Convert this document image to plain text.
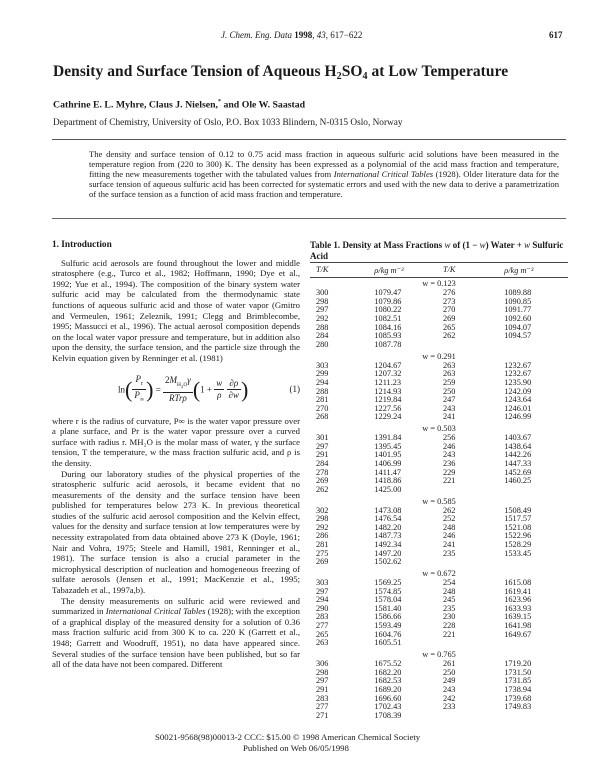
J. Chem. Eng. Data 1998, 43, 617−622	617
Density and Surface Tension of Aqueous $H_2SO_4$ at Low Temperature
Cathrine E. L. Myhre, Claus J. Nielsen,* and Ole W. Saastad
Department of Chemistry, University of Oslo, P.O. Box 1033 Blindern, N-0315 Oslo, Norway
The density and surface tension of 0.12 to 0.75 acid mass fraction in aqueous sulfuric acid solutions have been measured in the temperature region from (220 to 300) K. The density has been expressed as a polynomial of the acid mass fraction and temperature, fitting the new measurements together with the tabulated values from International Critical Tables (1928). Older literature data for the surface tension of aqueous sulfuric acid has been corrected for systematic errors and used with the new data to derive a parametrization of the surface tension as a function of acid mass fraction and temperature.
1. Introduction

Sulfuric acid aerosols are found throughout the lower and middle stratosphere (e.g., Turco et al., 1982; Hoffmann, 1990; Dye et al., 1992; Yue et al., 1994). The composition of the binary system water sulfuric acid may be calculated from the thermodynamic state functions of aqueous sulfuric acid and those of water vapor (Gmitro and Vermeulen, 1961; Zeleznik, 1991; Clegg and Brimblecombe, 1995; Massucci et al., 1996). The actual aerosol composition depends on the local water vapor pressure and temperature, but in addition also upon the density, the surface tension, and the particle size through the Kelvin equation given by Renninger et al. (1981)

$\ln( \frac{P_r}{P_\infty}$ ) = $\frac{2M_{H_2O}\gamma}{\text{RTrρ}} (1 + \frac{w}{\rho}$
$\frac{\partial\rho}{\partial w}$ )	(1)

where r is the radius of curvature, P∞ is the water vapor pressure over a plane surface, and Pr is the water vapor pressure over a curved surface with radius r. MH₂O is the molar mass of water, γ the surface tension, T the temperature, w the mass fraction sulfuric acid, and ρ is the density.

During our laboratory studies of the physical properties of the stratospheric sulfuric acid aerosols, it became evident that no measurements of the density and the surface tension have been published for temperatures below 273 K. In previous theoretical studies of the sulfuric acid aerosol composition and the Kelvin effect, values for the density and surface tension at low temperatures were by necessity extrapolated from data obtained above 273 K (Doyle, 1961; Nair and Vohra, 1975; Steele and Hamill, 1981, Renninger et al., 1981). The surface tension is also a crucial parameter in the microphysical description of nucleation and homogeneous freezing of sulfate aerosols (Jensen et al., 1991; MacKenzie et al., 1995; Tabazadeh et al., 1997a,b).

The density measurements on sulfuric acid were reviewed and summarized in International Critical Tables (1928); with the exception of a graphical display of the measured density for a solution of 0.36 mass fraction sulfuric acid from 300 K to ca. 220 K (Garrett et al., 1948; Garrett and Woodruff, 1951), no data have appeared since. Several studies of the surface tension have been published, but so far all of the data have not been compared. Different

Table 1. Density at Mass Fractions w of (1 − w) Water + w Sulfuric Acid
T/K	ρ/kg m⁻³	T/K	ρ/kg m⁻³

w = 0.123			
300	1079.47	276	1089.88
298	1079.86	273	1090.85
297	1080.22	270	1091.77
292	1082.51	269	1092.60
288	1084.16	265	1094.07
284	1085.93	262	1094.57
280	1087.78		
w = 0.291			
303	1204.67	263	1232.67
299	1207.32	263	1232.67
294	1211.23	259	1235.90
288	1214.93	250	1242.09
281	1219.84	247	1243.64
270	1227.56	243	1246.01
268	1229.24	241	1246.99
w = 0.503			
301	1391.84	256	1403.67
297	1395.45	246	1438.64
291	1401.95	243	1442.26
284	1406.99	236	1447.33
278	1411.47	229	1452.69
269	1418.86	221	1460.25
262	1425.00		
w = 0.585			
302	1473.08	262	1508.49
298	1476.54	252	1517.57
292	1482.20	248	1521.08
286	1487.73	246	1522.96
281	1492.34	241	1528.29
275	1497.20	235	1533.45
269	1502.62		
w = 0.672			
303	1569.25	254	1615.08
297	1574.85	248	1619.41
294	1578.04	245	1623.96
290	1581.40	235	1633.93
283	1586.66	230	1639.15
277	1593.49	228	1641.98
265	1604.76	221	1649.67
263	1605.51		
w = 0.765			
306	1675.52	261	1719.20
298	1682.20	250	1731.50
297	1682.53	249	1731.85
291	1689.20	243	1738.94
283	1696.60	242	1739.68
277	1702.43	233	1749.83
271	1708.39		
S0021-9568(98)00013-2 CCC: $15.00 © 1998 American Chemical Society
Published on Web 06/05/1998
